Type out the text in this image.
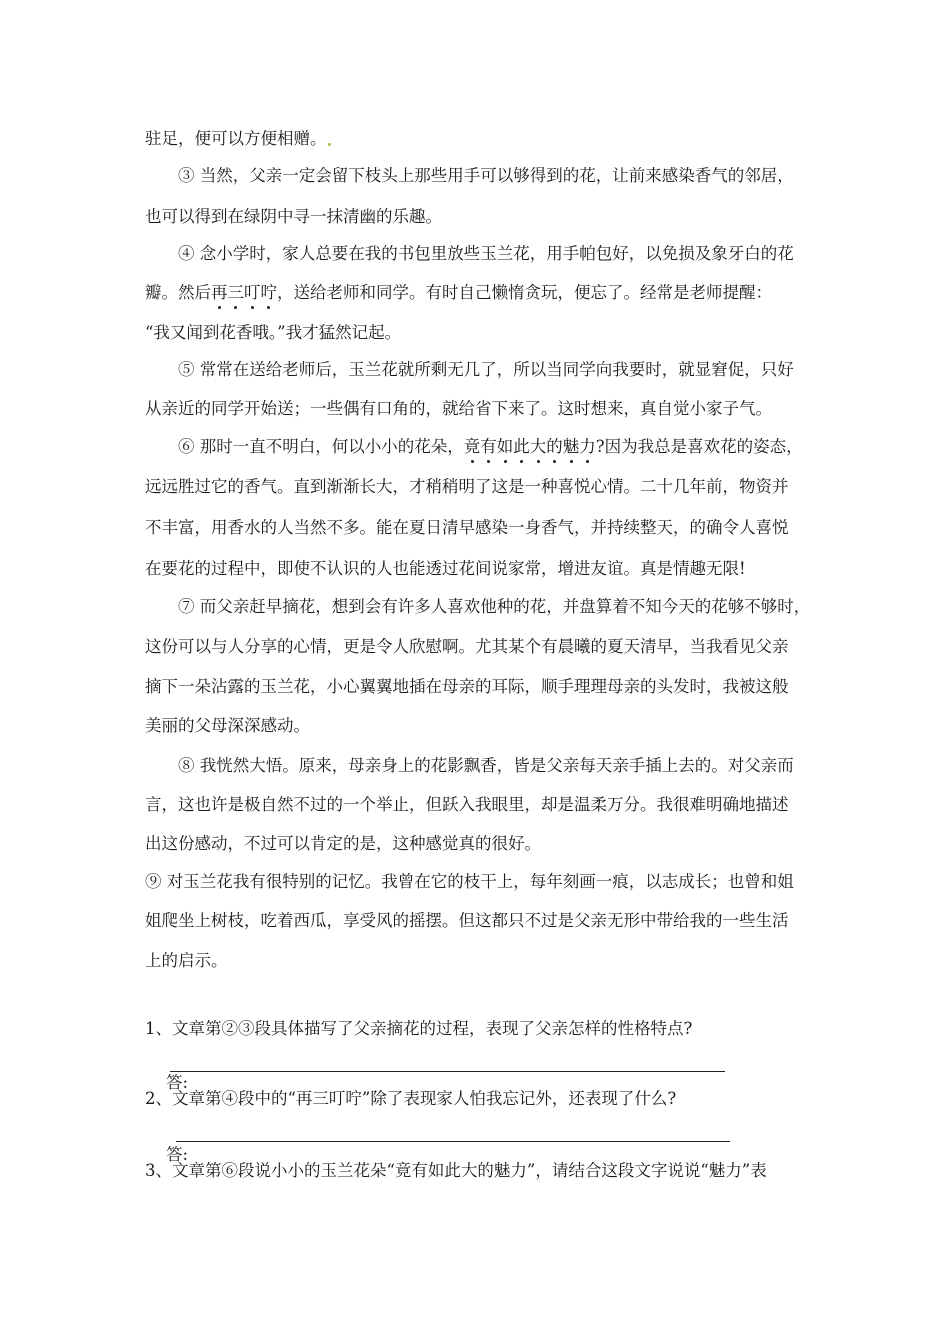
驻足，便可以方便相赠。
③ 当然，父亲一定会留下枝头上那些用手可以够得到的花，让前来感染香气的邻居，
也可以得到在绿阴中寻一抹清幽的乐趣。
④ 念小学时，家人总要在我的书包里放些玉兰花，用手帕包好，以免损及象牙白的花
瓣。然后再三叮咛，送给老师和同学。有时自己懒惰贪玩，便忘了。经常是老师提醒：
“我又闻到花香哦。”我才猛然记起。
⑤ 常常在送给老师后，玉兰花就所剩无几了，所以当同学向我要时，就显窘促，只好
从亲近的同学开始送；一些偶有口角的，就给省下来了。这时想来，真自觉小家子气。
⑥ 那时一直不明白，何以小小的花朵，竟有如此大的魅力?因为我总是喜欢花的姿态，
远远胜过它的香气。直到渐渐长大，才稍稍明了这是一种喜悦心情。二十几年前，物资并
不丰富，用香水的人当然不多。能在夏日清早感染一身香气，并持续整天，的确令人喜悦
在要花的过程中，即使不认识的人也能透过花间说家常，增进友谊。真是情趣无限!
⑦ 而父亲赶早摘花，想到会有许多人喜欢他种的花，并盘算着不知今天的花够不够时，
这份可以与人分享的心情，更是令人欣慰啊。尤其某个有晨曦的夏天清早，当我看见父亲
摘下一朵沾露的玉兰花，小心翼翼地插在母亲的耳际，顺手理理母亲的头发时，我被这般
美丽的父母深深感动。
⑧ 我恍然大悟。原来，母亲身上的花影飘香，皆是父亲每天亲手插上去的。对父亲而
言，这也许是极自然不过的一个举止，但跃入我眼里，却是温柔万分。我很难明确地描述
出这份感动，不过可以肯定的是，这种感觉真的很好。
⑨ 对玉兰花我有很特别的记忆。我曾在它的枝干上，每年刻画一痕，以志成长；也曾和姐
姐爬坐上树枝，吃着西瓜，享受风的摇摆。但这都只不过是父亲无形中带给我的一些生活
上的启示。
1、文章第②③段具体描写了父亲摘花的过程，表现了父亲怎样的性格特点?

答:

2、文章第④段中的“再三叮咛”除了表现家人怕我忘记外，还表现了什么?

答:

3、文章第⑥段说小小的玉兰花朵“竟有如此大的魅力”，请结合这段文字说说“魅力”表
